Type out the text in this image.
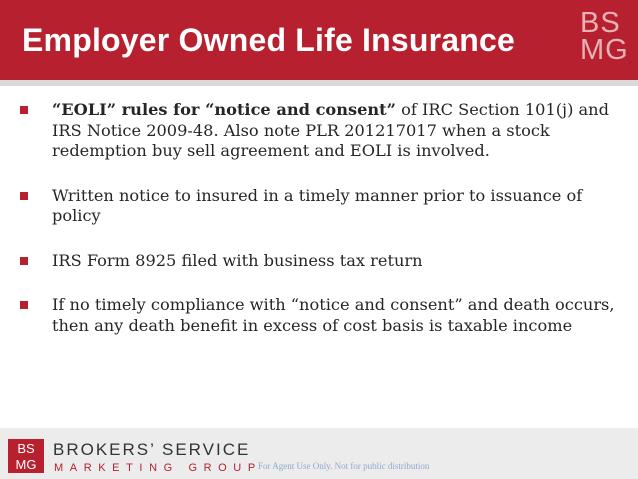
Employer Owned Life Insurance BS
MG
“EOLI” rules for “notice and consent” of IRC Section 101(j) and IRS Notice 2009-48. Also note PLR 201217017 when a stock redemption buy sell agreement and EOLI is involved.
Written notice to insured in a timely manner prior to issuance of policy
IRS Form 8925 filed with business tax return
If no timely compliance with “notice and consent” and death occurs, then any death benefit in excess of cost basis is taxable income
BS
MG
BROKERS’ SERVICE
MARKETING GROUP
For Agent Use Only. Not for public distribution
